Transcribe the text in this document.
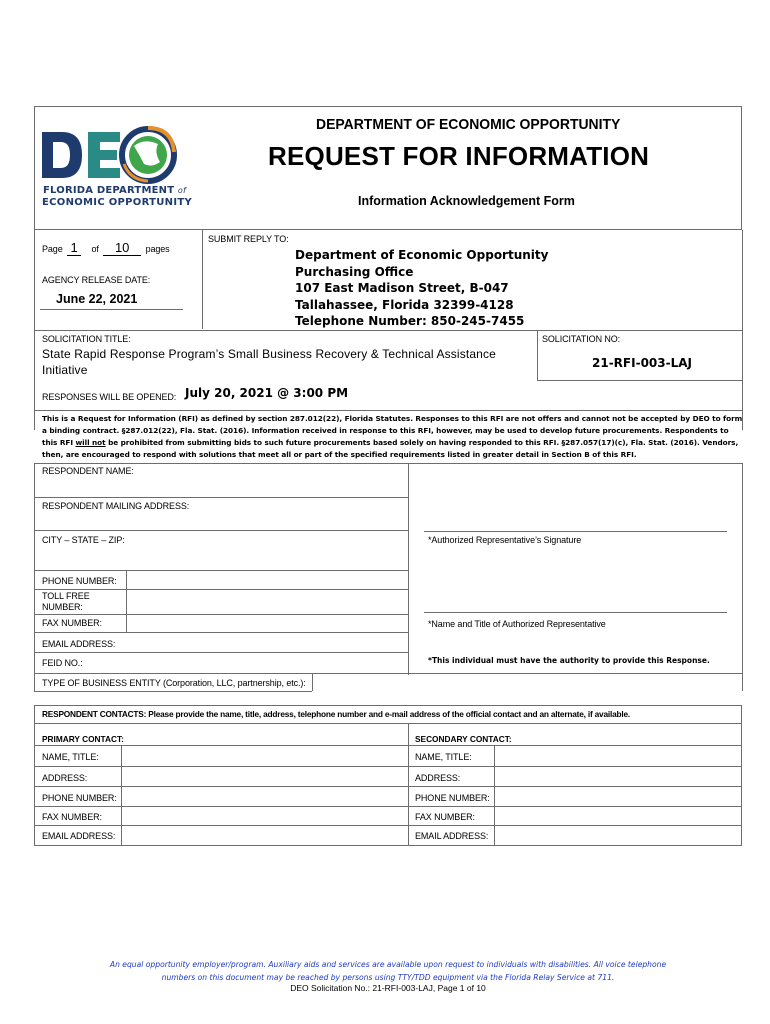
FLORIDA DEPARTMENT of
ECONOMIC OPPORTUNITY
DEPARTMENT OF ECONOMIC OPPORTUNITY
REQUEST FOR INFORMATION
Information Acknowledgement Form
Page 1 of 10 pages
AGENCY RELEASE DATE:
June 22, 2021
SUBMIT REPLY TO:
Department of Economic Opportunity
Purchasing Office
107 East Madison Street, B-047
Tallahassee, Florida 32399-4128
Telephone Number: 850-245-7455
SOLICITATION TITLE:
State Rapid Response Program’s Small Business Recovery & Technical Assistance
Initiative
SOLICITATION NO:
21-RFI-003-LAJ
RESPONSES WILL BE OPENED: July 20, 2021 @ 3:00 PM
This is a Request for Information (RFI) as defined by section 287.012(22), Florida Statutes. Responses to this RFI are not offers and cannot not be accepted by DEO to form
a binding contract. §287.012(22), Fla. Stat. (2016). Information received in response to this RFI, however, may be used to develop future procurements. Respondents to
this RFI will not be prohibited from submitting bids to such future procurements based solely on having responded to this RFI. §287.057(17)(c), Fla. Stat. (2016). Vendors,
then, are encouraged to respond with solutions that meet all or part of the specified requirements listed in greater detail in Section B of this RFI.
RESPONDENT NAME:
RESPONDENT MAILING ADDRESS:
CITY – STATE – ZIP:
PHONE NUMBER:
TOLL FREE
NUMBER:
FAX NUMBER:
EMAIL ADDRESS:
FEID NO.:
TYPE OF BUSINESS ENTITY (Corporation, LLC, partnership, etc.):
*Authorized Representative’s Signature
*Name and Title of Authorized Representative
*This individual must have the authority to provide this Response.
RESPONDENT CONTACTS: Please provide the name, title, address, telephone number and e-mail address of the official contact and an alternate, if available.
PRIMARY CONTACT:	SECONDARY CONTACT:
NAME, TITLE:	NAME, TITLE:
ADDRESS:	ADDRESS:
PHONE NUMBER:	PHONE NUMBER:
FAX NUMBER:	FAX NUMBER:
EMAIL ADDRESS:	EMAIL ADDRESS:
An equal opportunity employer/program. Auxiliary aids and services are available upon request to individuals with disabilities. All voice telephone
numbers on this document may be reached by persons using TTY/TDD equipment via the Florida Relay Service at 711.
DEO Solicitation No.: 21-RFI-003-LAJ, Page 1 of 10
